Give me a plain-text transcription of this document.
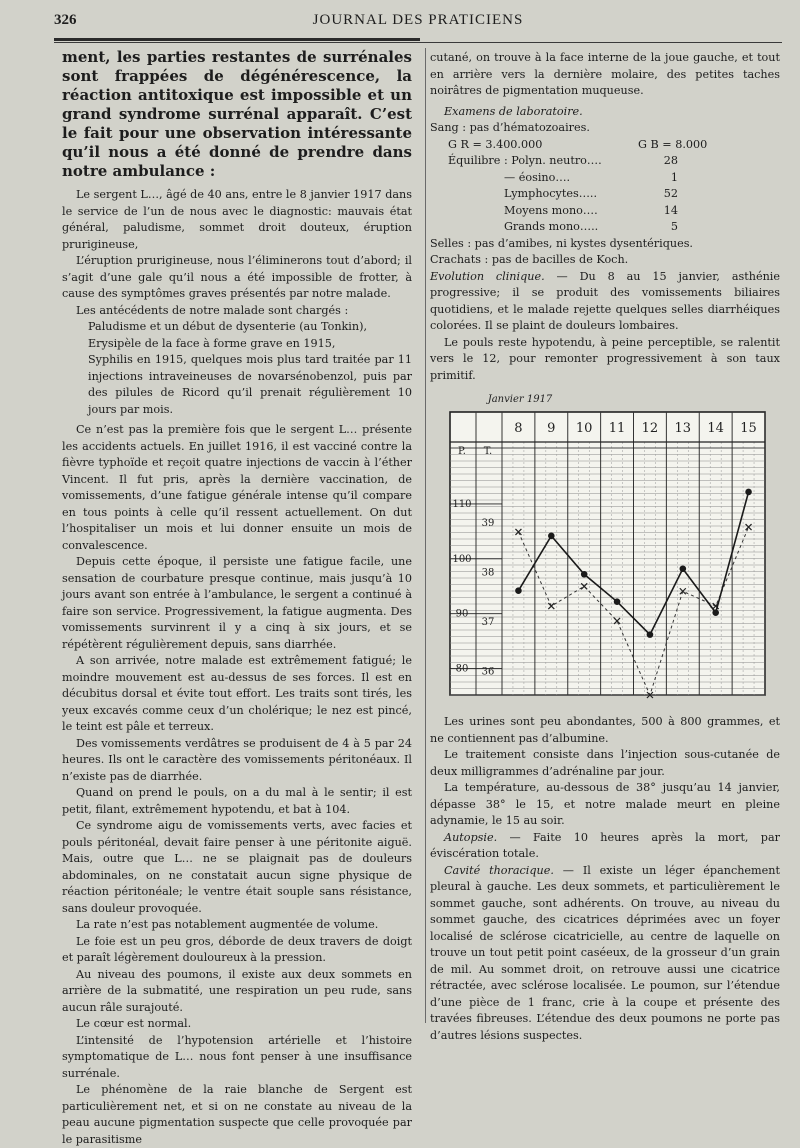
326	JOURNAL DES PRATICIENS

ment, les parties restantes de surrénales sont frappées de dégénérescence, la réaction antitoxique est impossible et un grand syndrome surrénal apparaît. C’est le fait pour une observation intéressante qu’il nous a été donné de prendre dans notre ambulance :

Le sergent L…, âgé de 40 ans, entre le 8 janvier 1917 dans le service de l’un de nous avec le diagnostic: mauvais état général, paludisme, sommet droit douteux, éruption prurigineuse,

L’éruption prurigineuse, nous l’éliminerons tout d’abord; il s’agit d’une gale qu’il nous a été impossible de frotter, à cause des symptômes graves présentés par notre malade.

Les antécédents de notre malade sont chargés :

Paludisme et un début de dysenterie (au Tonkin),
Erysipèle de la face à forme grave en 1915,
Syphilis en 1915, quelques mois plus tard traitée par 11 injections intraveineuses de novarsénobenzol, puis par des pilules de Ricord qu’il prenait régulièrement 10 jours par mois.

Ce n’est pas la première fois que le sergent L… présente les accidents actuels. En juillet 1916, il est vacciné contre la fièvre typhoïde et reçoit quatre injections de vaccin à l’éther Vincent. Il fut pris, après la dernière vaccination, de vomissements, d’une fatigue générale intense qu’il compare en tous points à celle qu’il ressent actuellement. On dut l’hospitaliser un mois et lui donner ensuite un mois de convalescence.

Depuis cette époque, il persiste une fatigue facile, une sensation de courbature presque continue, mais jusqu’à 10 jours avant son entrée à l’ambulance, le sergent a continué à faire son service. Progressivement, la fatigue augmenta. Des vomissements survinrent il y a cinq à six jours, et se répétèrent régulièrement depuis, sans diarrhée.

A son arrivée, notre malade est extrêmement fatigué; le moindre mouvement est au-dessus de ses forces. Il est en décubitus dorsal et évite tout effort. Les traits sont tirés, les yeux excavés comme ceux d’un cholérique; le nez est pincé, le teint est pâle et terreux.

Des vomissements verdâtres se produisent de 4 à 5 par 24 heures. Ils ont le caractère des vomissements péritonéaux. Il n’existe pas de diarrhée.

Quand on prend le pouls, on a du mal à le sentir; il est petit, filant, extrêmement hypotendu, et bat à 104.

Ce syndrome aigu de vomissements verts, avec facies et pouls péritonéal, devait faire penser à une péritonite aiguë. Mais, outre que L… ne se plaignait pas de douleurs abdominales, on ne constatait aucun signe physique de réaction péritonéale; le ventre était souple sans résistance, sans douleur provoquée.

La rate n’est pas notablement augmentée de volume.

Le foie est un peu gros, déborde de deux travers de doigt et paraît légèrement douloureux à la pression.

Au niveau des poumons, il existe aux deux sommets en arrière de la submatité, une respiration un peu rude, sans aucun râle surajouté.

Le cœur est normal.

L’intensité de l’hypotension artérielle et l’histoire symptomatique de L… nous font penser à une insuffisance surrénale.

Le phénomène de la raie blanche de Sergent est particulièrement net, et si on ne constate au niveau de la peau aucune pigmentation suspecte que celle provoquée par le parasitisme

cutané, on trouve à la face interne de la joue gauche, et tout en arrière vers la dernière molaire, des petites taches noirâtres de pigmentation muqueuse.

Examens de laboratoire.

Sang : pas d’hématozoaires.

G R = 3.400.000	G B = 8.000
Équilibre : Polyn. neutro….	28
— éosino….	1
Lymphocytes…..	52
Moyens mono….	14
Grands mono…..	5

Selles : pas d’amibes, ni kystes dysentériques.

Crachats : pas de bacilles de Koch.

Evolution clinique. — Du 8 au 15 janvier, asthénie progressive; il se produit des vomissements biliaires quotidiens, et le malade rejette quelques selles diarrhéiques colorées. Il se plaint de douleurs lombaires.

Le pouls reste hypotendu, à peine perceptible, se ralentit vers le 12, pour remonter progressivement à son taux primitif.

Janvier 1917
8 9 10 11 12 13 14 15
P. T.
110
100
90
80
39
38
37
36

Les urines sont peu abondantes, 500 à 800 grammes, et ne contiennent pas d’albumine.

Le traitement consiste dans l’injection sous-cutanée de deux milligrammes d’adrénaline par jour.

La température, au-dessous de 38° jusqu’au 14 janvier, dépasse 38° le 15, et notre malade meurt en pleine adynamie, le 15 au soir.

Autopsie. — Faite 10 heures après la mort, par éviscération totale.

Cavité thoracique. — Il existe un léger épanchement pleural à gauche. Les deux sommets, et particulièrement le sommet gauche, sont adhérents. On trouve, au niveau du sommet gauche, des cicatrices déprimées avec un foyer localisé de sclérose cicatricielle, au centre de laquelle on trouve un tout petit point caséeux, de la grosseur d’un grain de mil. Au sommet droit, on retrouve aussi une cicatrice rétractée, avec sclérose localisée. Le poumon, sur l’étendue d’une pièce de 1 franc, crie à la coupe et présente des travées fibreuses. L’étendue des deux poumons ne porte pas d’autres lésions suspectes.
